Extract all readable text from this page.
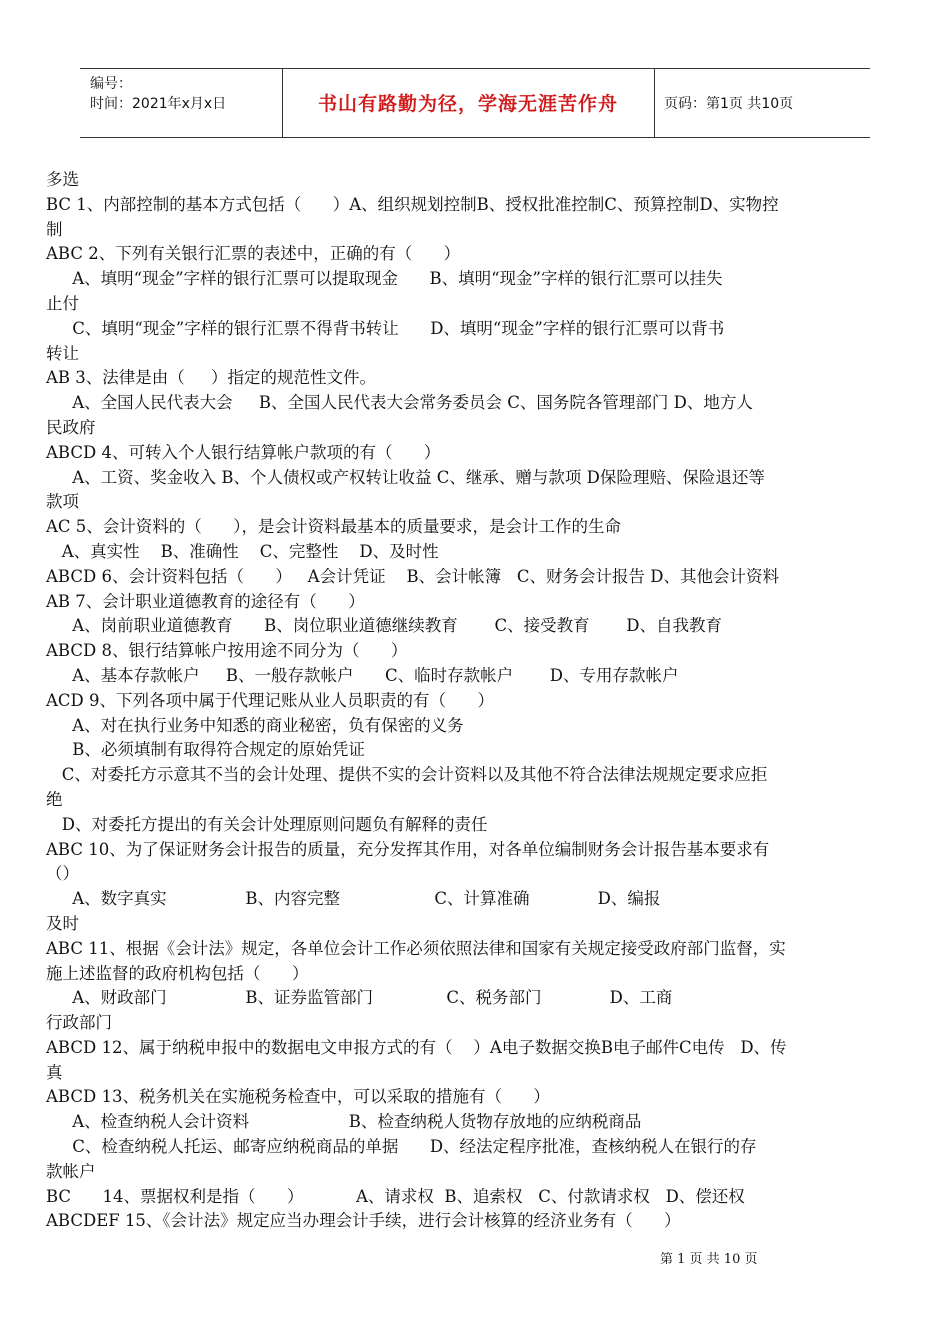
编号：
时间：2021年x月x日	书山有路勤为径，学海无涯苦作舟	页码：第1页 共10页
多选
BC 1、内部控制的基本方式包括（      ）A、组织规划控制B、授权批准控制C、预算控制D、实物控
制
ABC 2、下列有关银行汇票的表述中，正确的有（      ）
A、填明“现金”字样的银行汇票可以提取现金      B、填明“现金”字样的银行汇票可以挂失
止付
C、填明“现金”字样的银行汇票不得背书转让      D、填明“现金”字样的银行汇票可以背书
转让
AB 3、法律是由（     ）指定的规范性文件。
A、全国人民代表大会     B、全国人民代表大会常务委员会 C、国务院各管理部门 D、地方人
民政府
ABCD 4、可转入个人银行结算帐户款项的有（      ）
A、工资、奖金收入 B、个人债权或产权转让收益 C、继承、赠与款项 D保险理赔、保险退还等
款项
AC 5、会计资料的（      ），是会计资料最基本的质量要求，是会计工作的生命
A、真实性    B、准确性    C、完整性    D、及时性
ABCD 6、会计资料包括（      ）   A会计凭证    B、会计帐簿   C、财务会计报告 D、其他会计资料
AB 7、会计职业道德教育的途径有（      ）
A、岗前职业道德教育      B、岗位职业道德继续教育       C、接受教育       D、自我教育
ABCD 8、银行结算帐户按用途不同分为（      ）
A、基本存款帐户     B、一般存款帐户      C、临时存款帐户       D、专用存款帐户
ACD 9、下列各项中属于代理记账从业人员职责的有（      ）
A、对在执行业务中知悉的商业秘密，负有保密的义务
B、必须填制有取得符合规定的原始凭证
C、对委托方示意其不当的会计处理、提供不实的会计资料以及其他不符合法律法规规定要求应拒
绝
D、对委托方提出的有关会计处理原则问题负有解释的责任
ABC 10、为了保证财务会计报告的质量，充分发挥其作用，对各单位编制财务会计报告基本要求有
（）
A、数字真实               B、内容完整                  C、计算准确             D、编报
及时
ABC 11、根据《会计法》规定，各单位会计工作必须依照法律和国家有关规定接受政府部门监督，实
施上述监督的政府机构包括（      ）
A、财政部门               B、证券监管部门              C、税务部门             D、工商
行政部门
ABCD 12、属于纳税申报中的数据电文申报方式的有（    ）A电子数据交换B电子邮件C电传   D、传
真
ABCD 13、税务机关在实施税务检查中，可以采取的措施有（      ）
A、检查纳税人会计资料                   B、检查纳税人货物存放地的应纳税商品
C、检查纳税人托运、邮寄应纳税商品的单据      D、经法定程序批准，查核纳税人在银行的存
款帐户
BC      14、票据权利是指（      ）          A、请求权  B、追索权   C、付款请求权   D、偿还权
ABCDEF 15、《会计法》规定应当办理会计手续，进行会计核算的经济业务有（      ）
第 1 页 共 10 页
